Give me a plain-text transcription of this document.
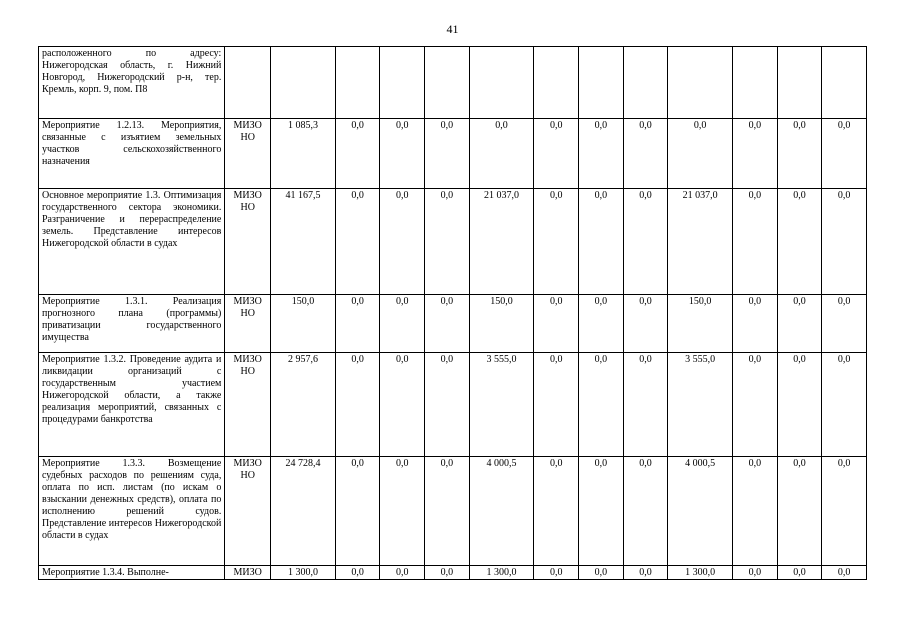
41
расположенного по адресу: Нижегородская область, г. Нижний Новгород, Нижегородский р-н, тер. Кремль, корп. 9, пом. П8													
Мероприятие 1.2.13. Мероприятия, связанные с изъятием земельных участков сельскохозяйственного назначения	МИЗО НО	1 085,3	0,0	0,0	0,0	0,0	0,0	0,0	0,0	0,0	0,0	0,0	0,0
Основное мероприятие 1.3. Оптимизация государственного сектора экономики. Разграничение и перераспределение земель. Представление интересов Нижегородской области в судах	МИЗО НО	41 167,5	0,0	0,0	0,0	21 037,0	0,0	0,0	0,0	21 037,0	0,0	0,0	0,0
Мероприятие 1.3.1. Реализация прогнозного плана (программы) приватизации государственного имущества	МИЗО НО	150,0	0,0	0,0	0,0	150,0	0,0	0,0	0,0	150,0	0,0	0,0	0,0
Мероприятие 1.3.2. Проведение аудита и ликвидации организаций с государственным участием Нижегородской области, а также реализация мероприятий, связанных с процедурами банкротства	МИЗО НО	2 957,6	0,0	0,0	0,0	3 555,0	0,0	0,0	0,0	3 555,0	0,0	0,0	0,0
Мероприятие 1.3.3. Возмещение судебных расходов по решениям суда, оплата по исп. листам (по искам о взыскании денежных средств), оплата по исполнению решений судов. Представление интересов Нижегородской области в судах	МИЗО НО	24 728,4	0,0	0,0	0,0	4 000,5	0,0	0,0	0,0	4 000,5	0,0	0,0	0,0
Мероприятие 1.3.4. Выполне-	МИЗО	1 300,0	0,0	0,0	0,0	1 300,0	0,0	0,0	0,0	1 300,0	0,0	0,0	0,0
